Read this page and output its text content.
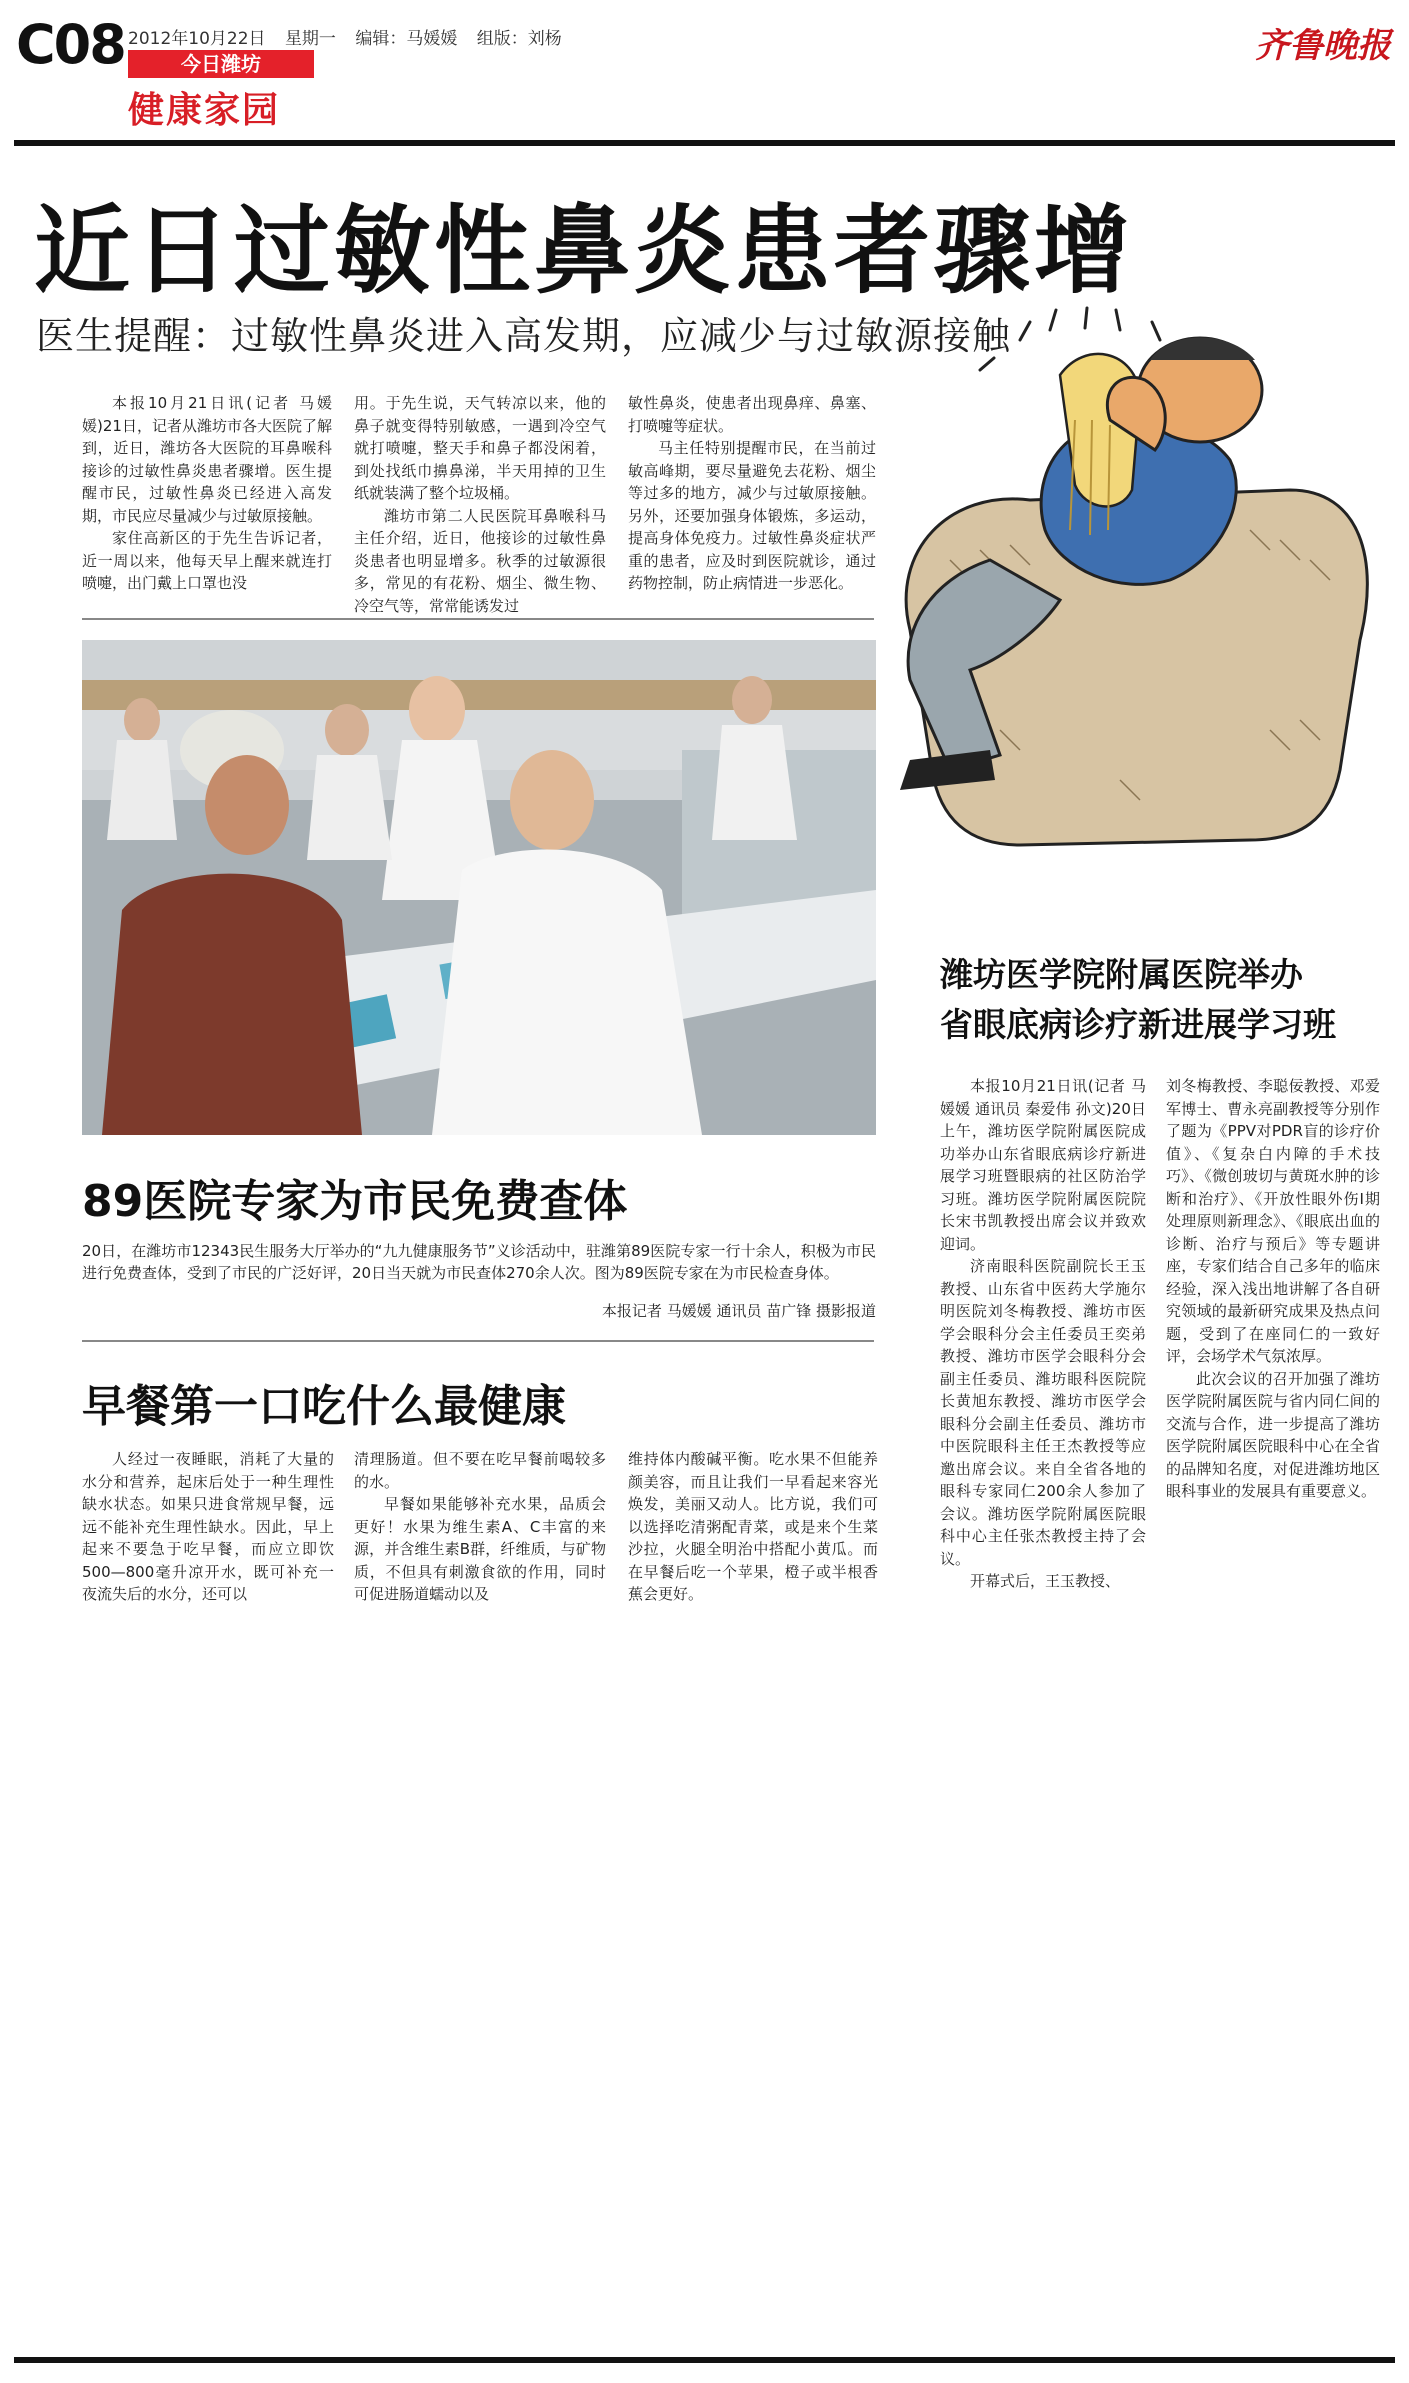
C08 2012年10月22日 星期一 编辑：马媛媛 组版：刘杨
今日潍坊
健康家园
齐鲁晚报
近日过敏性鼻炎患者骤增
医生提醒：过敏性鼻炎进入高发期，应减少与过敏源接触

本报10月21日讯(记者 马媛媛)21日，记者从潍坊市各大医院了解到，近日，潍坊各大医院的耳鼻喉科接诊的过敏性鼻炎患者骤增。医生提醒市民，过敏性鼻炎已经进入高发期，市民应尽量减少与过敏原接触。

家住高新区的于先生告诉记者，近一周以来，他每天早上醒来就连打喷嚏，出门戴上口罩也没

用。于先生说，天气转凉以来，他的鼻子就变得特别敏感，一遇到冷空气就打喷嚏，整天手和鼻子都没闲着，到处找纸巾擤鼻涕，半天用掉的卫生纸就装满了整个垃圾桶。

潍坊市第二人民医院耳鼻喉科马主任介绍，近日，他接诊的过敏性鼻炎患者也明显增多。秋季的过敏源很多，常见的有花粉、烟尘、微生物、冷空气等，常常能诱发过

敏性鼻炎，使患者出现鼻痒、鼻塞、打喷嚏等症状。

马主任特别提醒市民，在当前过敏高峰期，要尽量避免去花粉、烟尘等过多的地方，减少与过敏原接触。另外，还要加强身体锻炼，多运动，提高身体免疫力。过敏性鼻炎症状严重的患者，应及时到医院就诊，通过药物控制，防止病情进一步恶化。

89医院专家为市民免费查体
20日，在潍坊市12343民生服务大厅举办的“九九健康服务节”义诊活动中，驻潍第89医院专家一行十余人，积极为市民进行免费查体，受到了市民的广泛好评，20日当天就为市民查体270余人次。图为89医院专家在为市民检查身体。
本报记者 马媛媛 通讯员 苗广锋 摄影报道
早餐第一口吃什么最健康

人经过一夜睡眠，消耗了大量的水分和营养，起床后处于一种生理性缺水状态。如果只进食常规早餐，远远不能补充生理性缺水。因此，早上起来不要急于吃早餐，而应立即饮500—800毫升凉开水，既可补充一夜流失后的水分，还可以

清理肠道。但不要在吃早餐前喝较多的水。

早餐如果能够补充水果，品质会更好！水果为维生素A、C丰富的来源，并含维生素B群，纤维质，与矿物质，不但具有刺激食欲的作用，同时可促进肠道蠕动以及

维持体内酸碱平衡。吃水果不但能养颜美容，而且让我们一早看起来容光焕发，美丽又动人。比方说，我们可以选择吃清粥配青菜，或是来个生菜沙拉，火腿全明治中搭配小黄瓜。而在早餐后吃一个苹果，橙子或半根香蕉会更好。

潍坊医学院附属医院举办
省眼底病诊疗新进展学习班

本报10月21日讯(记者 马媛媛 通讯员 秦爱伟 孙文)20日上午，潍坊医学院附属医院成功举办山东省眼底病诊疗新进展学习班暨眼病的社区防治学习班。潍坊医学院附属医院院长宋书凯教授出席会议并致欢迎词。

济南眼科医院副院长王玉教授、山东省中医药大学施尔明医院刘冬梅教授、潍坊市医学会眼科分会主任委员王奕弟教授、潍坊市医学会眼科分会副主任委员、潍坊眼科医院院长黄旭东教授、潍坊市医学会眼科分会副主任委员、潍坊市中医院眼科主任王杰教授等应邀出席会议。来自全省各地的眼科专家同仁200余人参加了会议。潍坊医学院附属医院眼科中心主任张杰教授主持了会议。

开幕式后，王玉教授、

刘冬梅教授、李聪佞教授、邓爱军博士、曹永亮副教授等分别作了题为《PPV对PDR盲的诊疗价值》、《复杂白内障的手术技巧》、《微创玻切与黄斑水肿的诊断和治疗》、《开放性眼外伤I期处理原则新理念》、《眼底出血的诊断、治疗与预后》等专题讲座，专家们结合自己多年的临床经验，深入浅出地讲解了各自研究领域的最新研究成果及热点问题，受到了在座同仁的一致好评，会场学术气氛浓厚。

此次会议的召开加强了潍坊医学院附属医院与省内同仁间的交流与合作，进一步提高了潍坊医学院附属医院眼科中心在全省的品牌知名度，对促进潍坊地区眼科事业的发展具有重要意义。
